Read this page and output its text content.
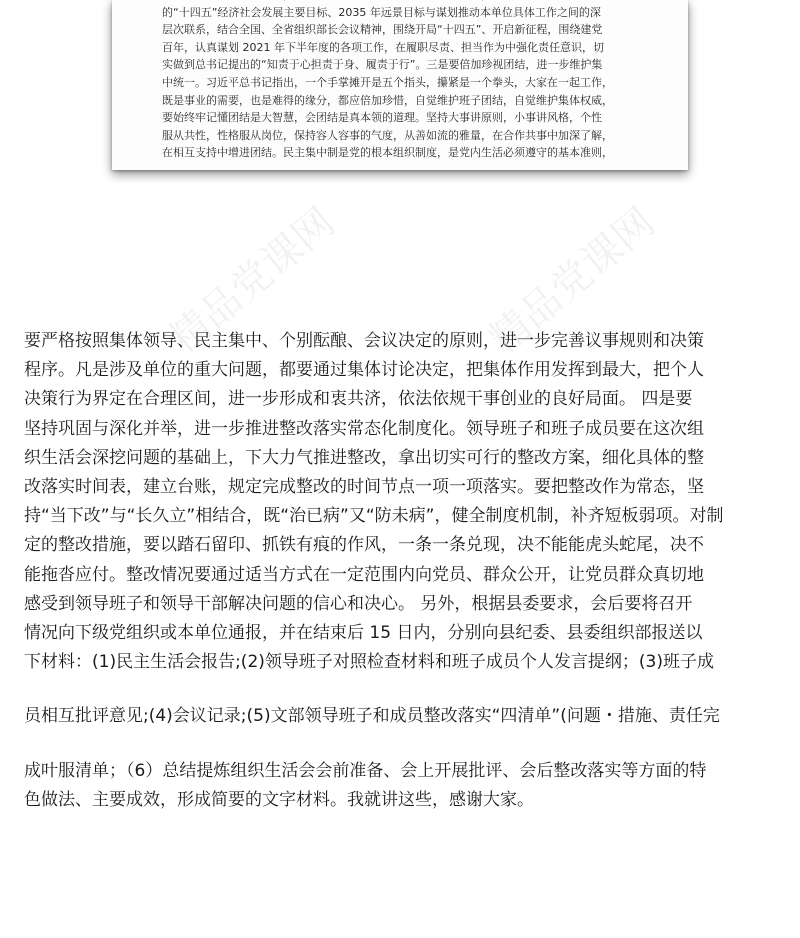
的“十四五”经济社会发展主要目标、2035 年远景目标与谋划推动本单位具体工作之间的深
层次联系，结合全国、全省组织部长会议精神，围绕开局“十四五”、开启新征程，围绕建党
百年，认真谋划 2021 年下半年度的各项工作，在履职尽责、担当作为中强化责任意识，切
实做到总书记提出的“知责于心担责于身、履责于行”。三是要倍加珍视团结，进一步维护集
中统一。习近平总书记指出，一个手掌摊开是五个指头，攥紧是一个拳头，大家在一起工作，
既是事业的需要，也是难得的缘分，都应倍加珍惜，自觉维护班子团结，自觉维护集体权威，
要始终牢记懂团结是大智慧，会团结是真本领的道理。坚持大事讲原则，小事讲风格，个性
服从共性，性格服从岗位，保持容人容事的气度，从善如流的雅量，在合作共事中加深了解，
在相互支持中增进团结。民主集中制是党的根本组织制度，是党内生活必须遵守的基本准则，
精品党课网	精品党课网
要严格按照集体领导、民主集中、个别酝酿、会议决定的原则，进一步完善议事规则和决策
程序。凡是涉及单位的重大问题，都要通过集体讨论决定，把集体作用发挥到最大，把个人
决策行为界定在合理区间，进一步形成和衷共济，依法依规干事创业的良好局面。 四是要
坚持巩固与深化并举，进一步推进整改落实常态化制度化。领导班子和班子成员要在这次组
织生活会深挖问题的基础上，下大力气推进整改，拿出切实可行的整改方案，细化具体的整
改落实时间表，建立台账，规定完成整改的时间节点一项一项落实。要把整改作为常态，坚
持“当下改”与“长久立”相结合，既“治已病”又“防未病”，健全制度机制，补齐短板弱项。对制
定的整改措施，要以踏石留印、抓铁有痕的作风，一条一条兑现，决不能能虎头蛇尾，决不
能拖沓应付。整改情况要通过适当方式在一定范围内向党员、群众公开，让党员群众真切地
感受到领导班子和领导干部解决问题的信心和决心。 另外，根据县委要求，会后要将召开
情况向下级党组织或本单位通报，并在结束后 15 日内，分别向县纪委、县委组织部报送以
下材料：(1)民主生活会报告;(2)领导班子对照检查材料和班子成员个人发言提纲；(3)班子成
员相互批评意见;(4)会议记录;(5)文部领导班子和成员整改落实“四清单”(问题・措施、责任完
成叶服清单；（6）总结提炼组织生活会会前准备、会上开展批评、会后整改落实等方面的特
色做法、主要成效，形成简要的文字材料。我就讲这些，感谢大家。
